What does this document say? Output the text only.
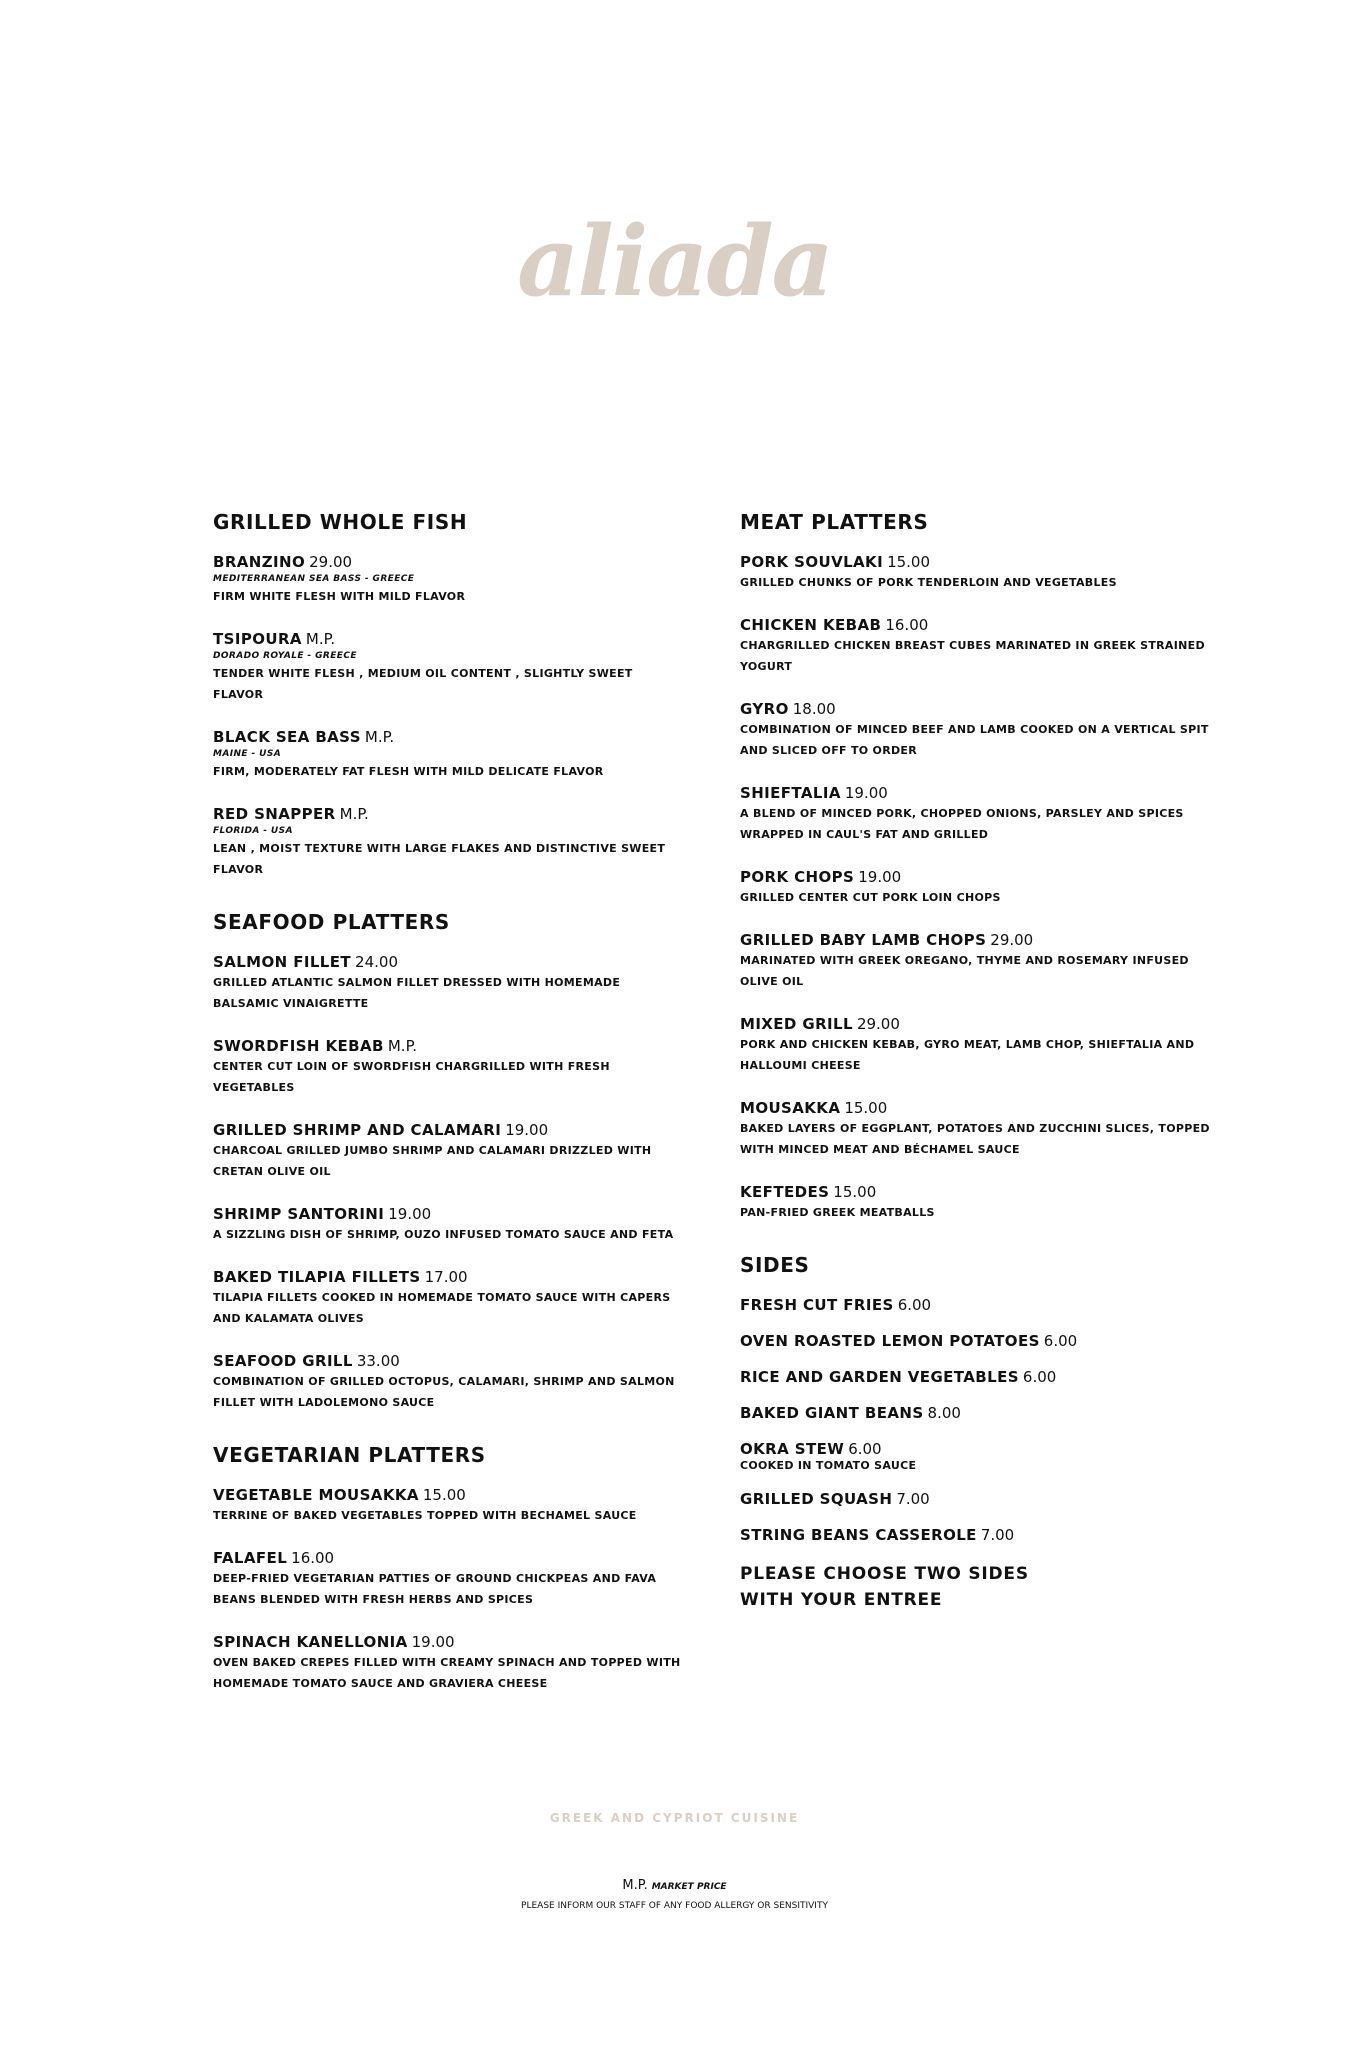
aliada
GRILLED WHOLE FISH
BRANZINO 29.00
MEDITERRANEAN SEA BASS - GREECE
FIRM WHITE FLESH WITH MILD FLAVOR
TSIPOURA M.P.
DORADO ROYALE - GREECE
TENDER WHITE FLESH , MEDIUM OIL CONTENT , SLIGHTLY SWEET FLAVOR
BLACK SEA BASS M.P.
MAINE - USA
FIRM, MODERATELY FAT FLESH WITH MILD DELICATE FLAVOR
RED SNAPPER M.P.
FLORIDA - USA
LEAN , MOIST TEXTURE WITH LARGE FLAKES AND DISTINCTIVE SWEET FLAVOR
SEAFOOD PLATTERS
SALMON FILLET 24.00
GRILLED ATLANTIC SALMON FILLET DRESSED WITH HOMEMADE BALSAMIC VINAIGRETTE
SWORDFISH KEBAB M.P.
CENTER CUT LOIN OF SWORDFISH CHARGRILLED WITH FRESH VEGETABLES
GRILLED SHRIMP AND CALAMARI 19.00
CHARCOAL GRILLED JUMBO SHRIMP AND CALAMARI DRIZZLED WITH CRETAN OLIVE OIL
SHRIMP SANTORINI 19.00
A SIZZLING DISH OF SHRIMP, OUZO INFUSED TOMATO SAUCE AND FETA
BAKED TILAPIA FILLETS 17.00
TILAPIA FILLETS COOKED IN HOMEMADE TOMATO SAUCE WITH CAPERS AND KALAMATA OLIVES
SEAFOOD GRILL 33.00
COMBINATION OF GRILLED OCTOPUS, CALAMARI, SHRIMP AND SALMON FILLET WITH LADOLEMONO SAUCE
VEGETARIAN PLATTERS
VEGETABLE MOUSAKKA 15.00
TERRINE OF BAKED VEGETABLES TOPPED WITH BECHAMEL SAUCE
FALAFEL 16.00
DEEP-FRIED VEGETARIAN PATTIES OF GROUND CHICKPEAS AND FAVA BEANS BLENDED WITH FRESH HERBS AND SPICES
SPINACH KANELLONIA 19.00
OVEN BAKED CREPES FILLED WITH CREAMY SPINACH AND TOPPED WITH HOMEMADE TOMATO SAUCE AND GRAVIERA CHEESE
MEAT PLATTERS
PORK SOUVLAKI 15.00
GRILLED CHUNKS OF PORK TENDERLOIN AND VEGETABLES
CHICKEN KEBAB 16.00
CHARGRILLED CHICKEN BREAST CUBES MARINATED IN GREEK STRAINED YOGURT
GYRO 18.00
COMBINATION OF MINCED BEEF AND LAMB COOKED ON A VERTICAL SPIT AND SLICED OFF TO ORDER
SHIEFTALIA 19.00
A BLEND OF MINCED PORK, CHOPPED ONIONS, PARSLEY AND SPICES WRAPPED IN CAUL'S FAT AND GRILLED
PORK CHOPS 19.00
GRILLED CENTER CUT PORK LOIN CHOPS
GRILLED BABY LAMB CHOPS 29.00
MARINATED WITH GREEK OREGANO, THYME AND ROSEMARY INFUSED OLIVE OIL
MIXED GRILL 29.00
PORK AND CHICKEN KEBAB, GYRO MEAT, LAMB CHOP, SHIEFTALIA AND HALLOUMI CHEESE
MOUSAKKA 15.00
BAKED LAYERS OF EGGPLANT, POTATOES AND ZUCCHINI SLICES, TOPPED WITH MINCED MEAT AND BÉCHAMEL SAUCE
KEFTEDES 15.00
PAN-FRIED GREEK MEATBALLS
SIDES
FRESH CUT FRIES 6.00
OVEN ROASTED LEMON POTATOES 6.00
RICE AND GARDEN VEGETABLES 6.00
BAKED GIANT BEANS 8.00
OKRA STEW 6.00
COOKED IN TOMATO SAUCE
GRILLED SQUASH 7.00
STRING BEANS CASSEROLE 7.00
PLEASE CHOOSE TWO SIDES
WITH YOUR ENTREE
GREEK AND CYPRIOT CUISINE
M.P. MARKET PRICE
PLEASE INFORM OUR STAFF OF ANY FOOD ALLERGY OR SENSITIVITY
